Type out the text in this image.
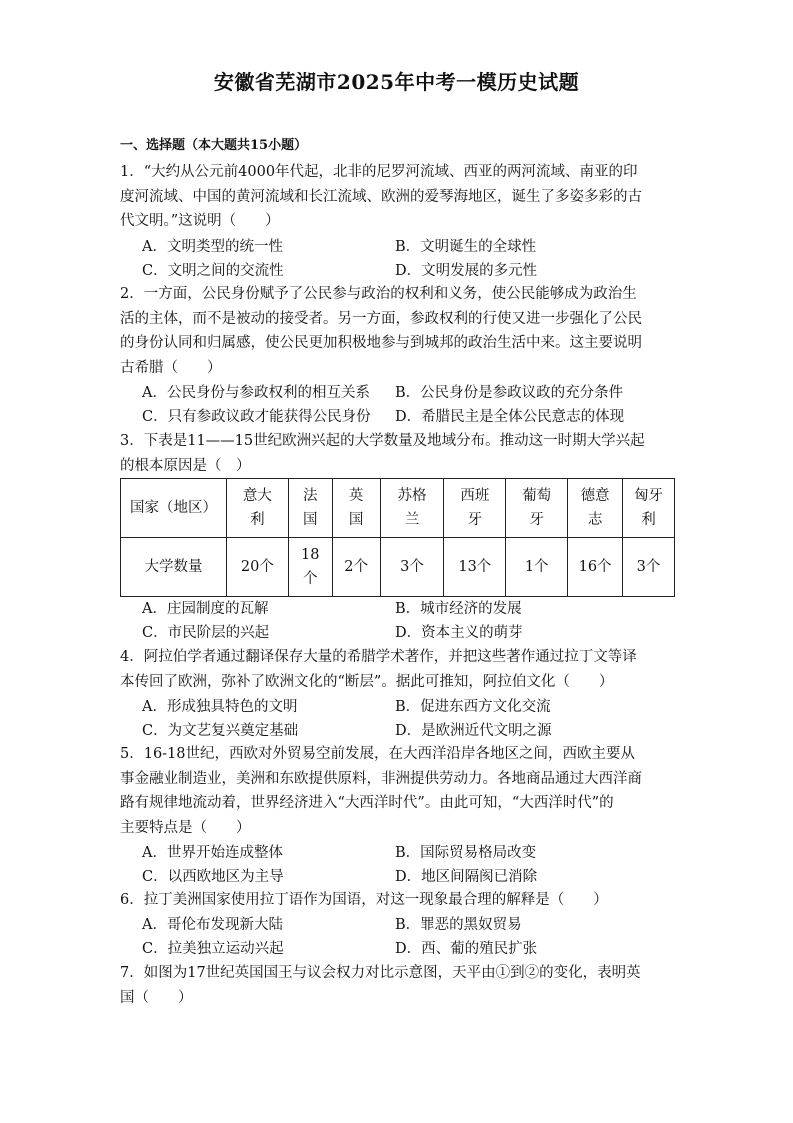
安徽省芜湖市2025年中考一模历史试题
一、选择题（本大题共15小题）
1．“大约从公元前4000年代起，北非的尼罗河流域、西亚的两河流域、南亚的印
度河流域、中国的黄河流域和长江流域、欧洲的爱琴海地区，诞生了多姿多彩的古
代文明。”这说明（　　）
A．文明类型的统一性	B．文明诞生的全球性
C．文明之间的交流性	D．文明发展的多元性
2．一方面，公民身份赋予了公民参与政治的权利和义务，使公民能够成为政治生
活的主体，而不是被动的接受者。另一方面，参政权利的行使又进一步强化了公民
的身份认同和归属感，使公民更加积极地参与到城邦的政治生活中来。这主要说明
古希腊（　　）
A．公民身份与参政权利的相互关系 B．公民身份是参政议政的充分条件
C．只有参政议政才能获得公民身份 D．希腊民主是全体公民意志的体现
3．下表是11——15世纪欧洲兴起的大学数量及地域分布。推动这一时期大学兴起
的根本原因是（　）
国家（地区）	意大利	法国	英国	苏格兰	西班牙	葡萄牙	德意志	匈牙利
大学数量	20个	18个	2个	3个	13个	1个	16个	3个
A．庄园制度的瓦解	B．城市经济的发展
C．市民阶层的兴起	D．资本主义的萌芽
4．阿拉伯学者通过翻译保存大量的希腊学术著作，并把这些著作通过拉丁文等译
本传回了欧洲，弥补了欧洲文化的“断层”。据此可推知，阿拉伯文化（　　）
A．形成独具特色的文明	B．促进东西方文化交流
C．为文艺复兴奠定基础	D．是欧洲近代文明之源
5．16-18世纪，西欧对外贸易空前发展，在大西洋沿岸各地区之间，西欧主要从
事金融业制造业，美洲和东欧提供原料，非洲提供劳动力。各地商品通过大西洋商
路有规律地流动着，世界经济进入“大西洋时代”。由此可知，“大西洋时代”的
主要特点是（　　）
A．世界开始连成整体	B．国际贸易格局改变
C．以西欧地区为主导	D．地区间隔阂已消除
6．拉丁美洲国家使用拉丁语作为国语，对这一现象最合理的解释是（　　）
A．哥伦布发现新大陆	B．罪恶的黑奴贸易
C．拉美独立运动兴起	D．西、葡的殖民扩张
7．如图为17世纪英国国王与议会权力对比示意图，天平由①到②的变化，表明英
国（　　）
